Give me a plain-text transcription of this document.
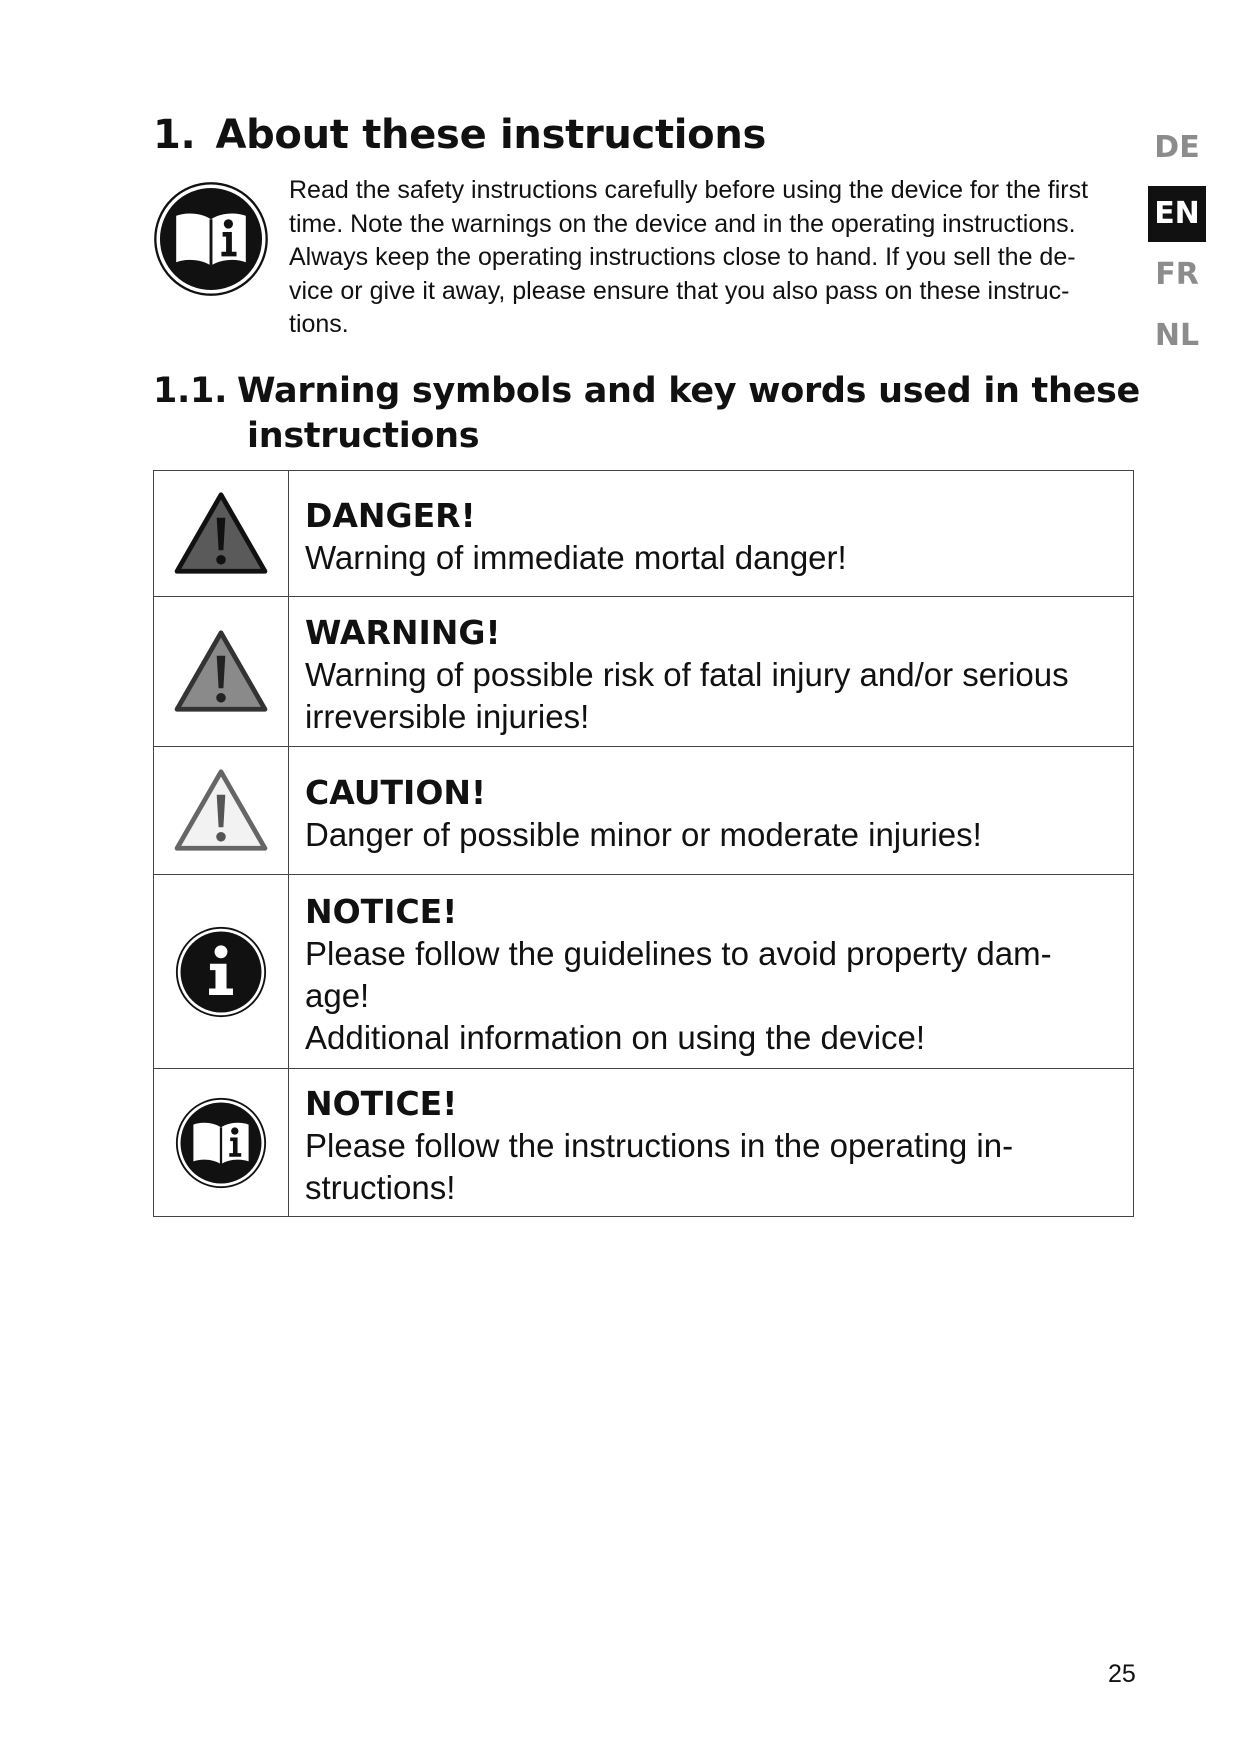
1. About these instructions
Read the safety instructions carefully before using the device for the first
time. Note the warnings on the device and in the operating instructions.
Always keep the operating instructions close to hand. If you sell the de-
vice or give it away, please ensure that you also pass on these instruc-
tions.
1.1. Warning symbols and key words used in these
instructions
DE
EN
FR
NL

DANGER!
Warning of immediate mortal danger!

WARNING!
Warning of possible risk of fatal injury and/or serious
irreversible injuries!

CAUTION!
Danger of possible minor or moderate injuries!

NOTICE!
Please follow the guidelines to avoid property dam-
age!
Additional information on using the device!

NOTICE!
Please follow the instructions in the operating in-
structions!
25
